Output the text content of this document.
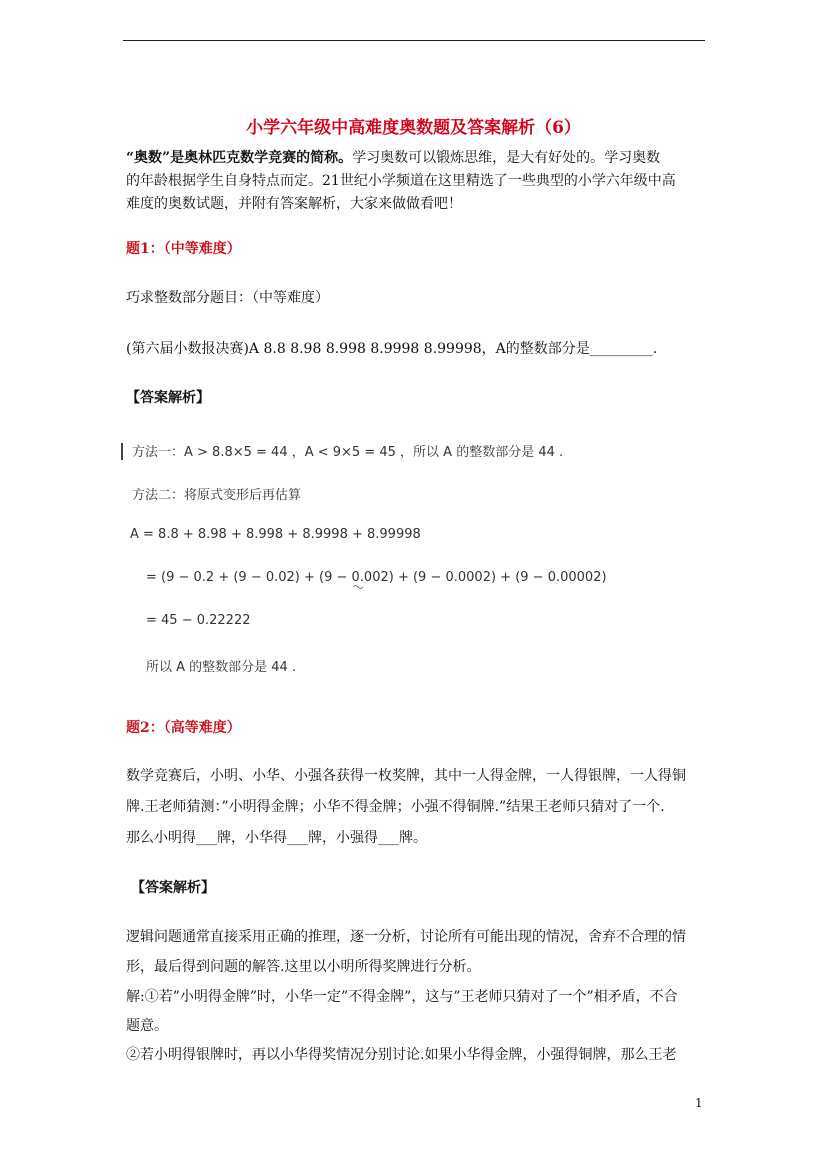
小学六年级中高难度奥数题及答案解析（6）
“奥数”是奥林匹克数学竞赛的简称。学习奥数可以锻炼思维，是大有好处的。学习奥数
的年龄根据学生自身特点而定。21世纪小学频道在这里精选了一些典型的小学六年级中高
难度的奥数试题，并附有答案解析，大家来做做看吧！
题1：（中等难度）
巧求整数部分题目：（中等难度）
(第六届小数报决赛)A 8.8 8.98 8.998 8.9998 8.99998，A的整数部分是_________.
【答案解析】
方法一：A > 8.8×5 = 44 ，A < 9×5 = 45 ，所以 A 的整数部分是 44 .
方法二：将原式变形后再估算
A = 8.8 + 8.98 + 8.998 + 8.9998 + 8.99998
= (9 − 0.2 + (9 − 0.02) + (9 − 0.002) + (9 − 0.0002) + (9 − 0.00002)
= 45 − 0.22222
所以 A 的整数部分是 44 .
题2：（高等难度）
数学竞赛后，小明、小华、小强各获得一枚奖牌，其中一人得金牌，一人得银牌，一人得铜
牌.王老师猜测：”小明得金牌；小华不得金牌；小强不得铜牌.”结果王老师只猜对了一个.
那么小明得___牌，小华得___牌，小强得___牌。
【答案解析】
逻辑问题通常直接采用正确的推理，逐一分析，讨论所有可能出现的情况，舍弃不合理的情
形，最后得到问题的解答.这里以小明所得奖牌进行分析。
解:①若”小明得金牌”时，小华一定”不得金牌”，这与”王老师只猜对了一个”相矛盾，不合
题意。
②若小明得银牌时，再以小华得奖情况分别讨论.如果小华得金牌，小强得铜牌，那么王老
1
